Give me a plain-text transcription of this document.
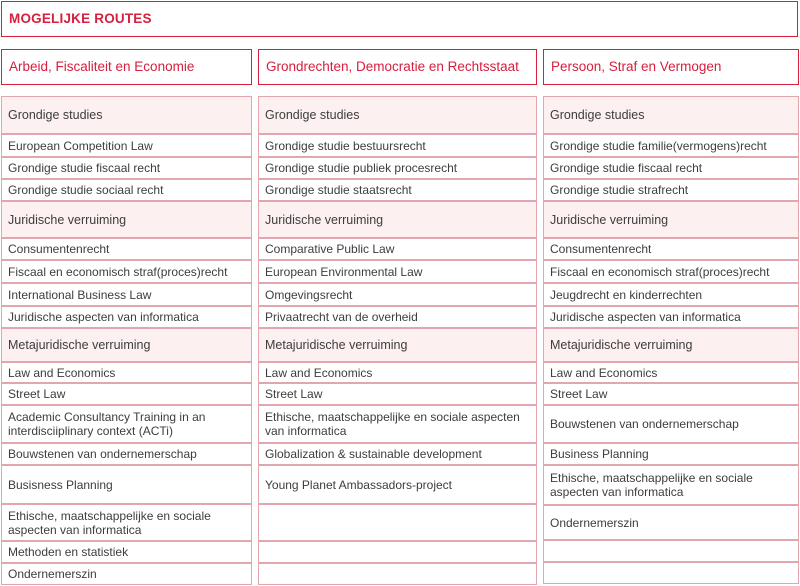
MOGELIJKE ROUTES
Arbeid, Fiscaliteit en Economie
Grondige studies
European Competition Law
Grondige studie fiscaal recht
Grondige studie sociaal recht
Juridische verruiming
Consumentenrecht
Fiscaal en economisch straf(proces)recht
International Business Law
Juridische aspecten van informatica
Metajuridische verruiming
Law and Economics
Street Law
Academic Consultancy Training in an interdisciiplinary context (ACTi)
Bouwstenen van ondernemerschap
Busisness Planning
Ethische, maatschappelijke en sociale aspecten van informatica
Methoden en statistiek
Ondernemerszin
Grondrechten, Democratie en Rechtsstaat
Grondige studies
Grondige studie bestuursrecht
Grondige studie publiek procesrecht
Grondige studie staatsrecht
Juridische verruiming
Comparative Public Law
European Environmental Law
Omgevingsrecht
Privaatrecht van de overheid
Metajuridische verruiming
Law and Economics
Street Law
Ethische, maatschappelijke en sociale aspecten van informatica
Globalization & sustainable development
Young Planet Ambassadors-project
Persoon, Straf en Vermogen
Grondige studies
Grondige studie familie(vermogens)recht
Grondige studie fiscaal recht
Grondige studie strafrecht
Juridische verruiming
Consumentenrecht
Fiscaal en economisch straf(proces)recht
Jeugdrecht en kinderrechten
Juridische aspecten van informatica
Metajuridische verruiming
Law and Economics
Street Law
Bouwstenen van ondernemerschap
Business Planning
Ethische, maatschappelijke en sociale aspecten van informatica
Ondernemerszin
